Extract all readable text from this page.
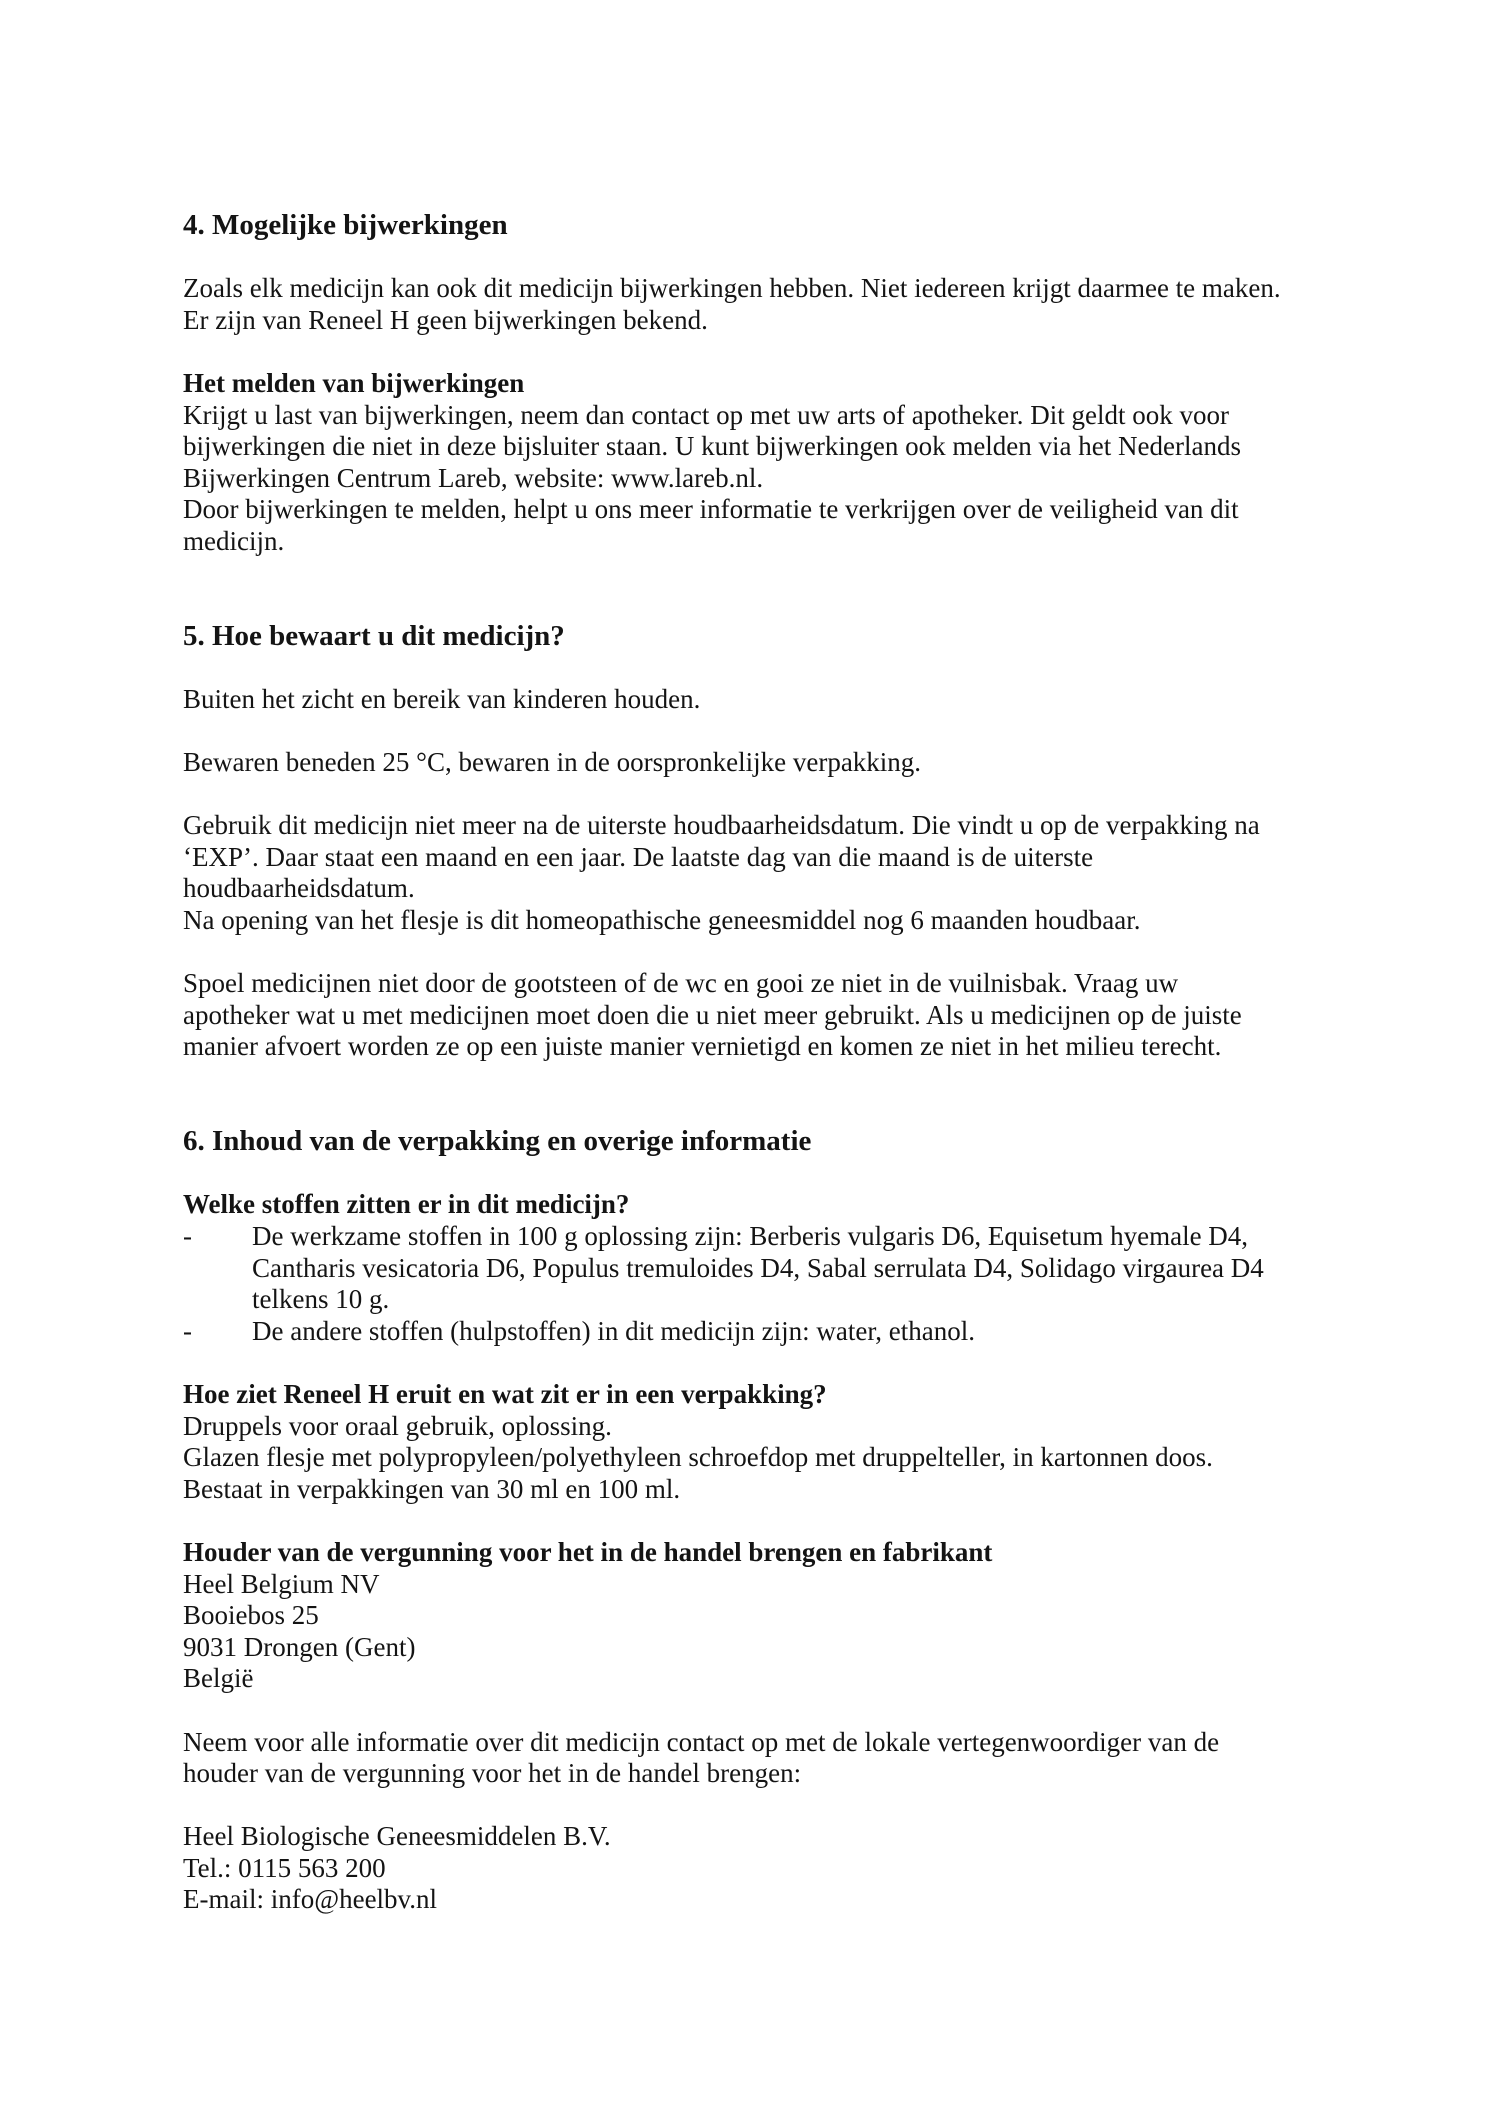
4. Mogelijke bijwerkingen
Zoals elk medicijn kan ook dit medicijn bijwerkingen hebben. Niet iedereen krijgt daarmee te maken.
Er zijn van Reneel H geen bijwerkingen bekend.
Het melden van bijwerkingen
Krijgt u last van bijwerkingen, neem dan contact op met uw arts of apotheker. Dit geldt ook voor
bijwerkingen die niet in deze bijsluiter staan. U kunt bijwerkingen ook melden via het Nederlands
Bijwerkingen Centrum Lareb, website: www.lareb.nl.
Door bijwerkingen te melden, helpt u ons meer informatie te verkrijgen over de veiligheid van dit
medicijn.
5. Hoe bewaart u dit medicijn?
Buiten het zicht en bereik van kinderen houden.
Bewaren beneden 25 °C, bewaren in de oorspronkelijke verpakking.
Gebruik dit medicijn niet meer na de uiterste houdbaarheidsdatum. Die vindt u op de verpakking na
‘EXP’. Daar staat een maand en een jaar. De laatste dag van die maand is de uiterste
houdbaarheidsdatum.
Na opening van het flesje is dit homeopathische geneesmiddel nog 6 maanden houdbaar.
Spoel medicijnen niet door de gootsteen of de wc en gooi ze niet in de vuilnisbak. Vraag uw
apotheker wat u met medicijnen moet doen die u niet meer gebruikt. Als u medicijnen op de juiste
manier afvoert worden ze op een juiste manier vernietigd en komen ze niet in het milieu terecht.
6. Inhoud van de verpakking en overige informatie
Welke stoffen zitten er in dit medicijn?
- De werkzame stoffen in 100 g oplossing zijn: Berberis vulgaris D6, Equisetum hyemale D4,
Cantharis vesicatoria D6, Populus tremuloides D4, Sabal serrulata D4, Solidago virgaurea D4
telkens 10 g.
- De andere stoffen (hulpstoffen) in dit medicijn zijn: water, ethanol.
Hoe ziet Reneel H eruit en wat zit er in een verpakking?
Druppels voor oraal gebruik, oplossing.
Glazen flesje met polypropyleen/polyethyleen schroefdop met druppelteller, in kartonnen doos.
Bestaat in verpakkingen van 30 ml en 100 ml.
Houder van de vergunning voor het in de handel brengen en fabrikant
Heel Belgium NV
Booiebos 25
9031 Drongen (Gent)
België
Neem voor alle informatie over dit medicijn contact op met de lokale vertegenwoordiger van de
houder van de vergunning voor het in de handel brengen:
Heel Biologische Geneesmiddelen B.V.
Tel.: 0115 563 200
E-mail: info@heelbv.nl
